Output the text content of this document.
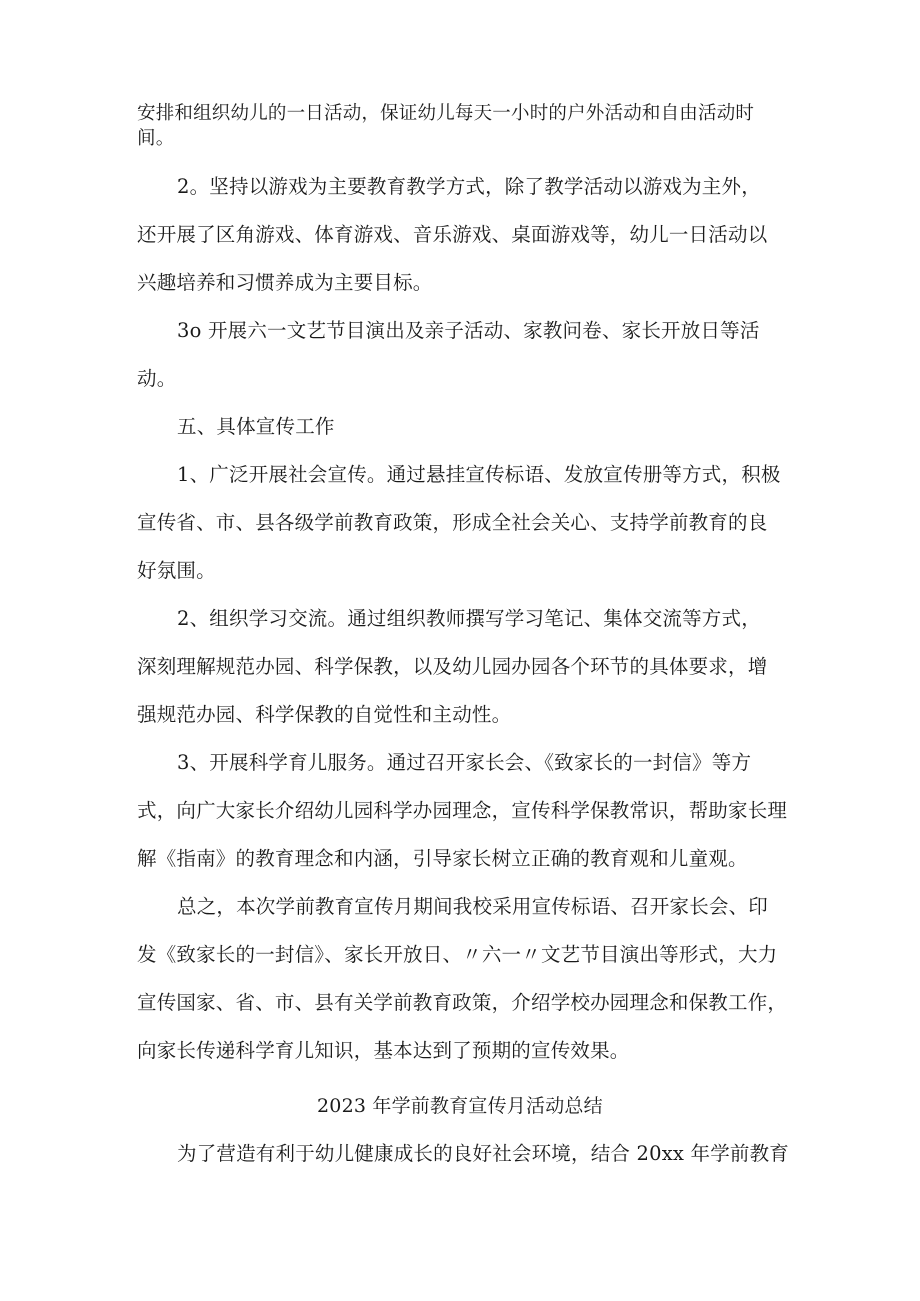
安排和组织幼儿的一日活动，保证幼儿每天一小时的户外活动和自由活动时
间。
2。坚持以游戏为主要教育教学方式，除了教学活动以游戏为主外，
还开展了区角游戏、体育游戏、音乐游戏、桌面游戏等，幼儿一日活动以
兴趣培养和习惯养成为主要目标。
3o 开展六一文艺节目演出及亲子活动、家教问卷、家长开放日等活
动。
五、具体宣传工作
1、广泛开展社会宣传。通过悬挂宣传标语、发放宣传册等方式，积极
宣传省、市、县各级学前教育政策，形成全社会关心、支持学前教育的良
好氛围。
2、组织学习交流。通过组织教师撰写学习笔记、集体交流等方式，
深刻理解规范办园、科学保教，以及幼儿园办园各个环节的具体要求，增
强规范办园、科学保教的自觉性和主动性。
3、开展科学育儿服务。通过召开家长会、《致家长的一封信》等方
式，向广大家长介绍幼儿园科学办园理念，宣传科学保教常识，帮助家长理
解《指南》的教育理念和内涵，引导家长树立正确的教育观和儿童观。
总之，本次学前教育宣传月期间我校采用宣传标语、召开家长会、印
发《致家长的一封信》、家长开放日、〃六一〃文艺节目演出等形式，大力
宣传国家、省、市、县有关学前教育政策，介绍学校办园理念和保教工作，
向家长传递科学育儿知识，基本达到了预期的宣传效果。
2023 年学前教育宣传月活动总结
为了营造有利于幼儿健康成长的良好社会环境，结合 20xx 年学前教育
